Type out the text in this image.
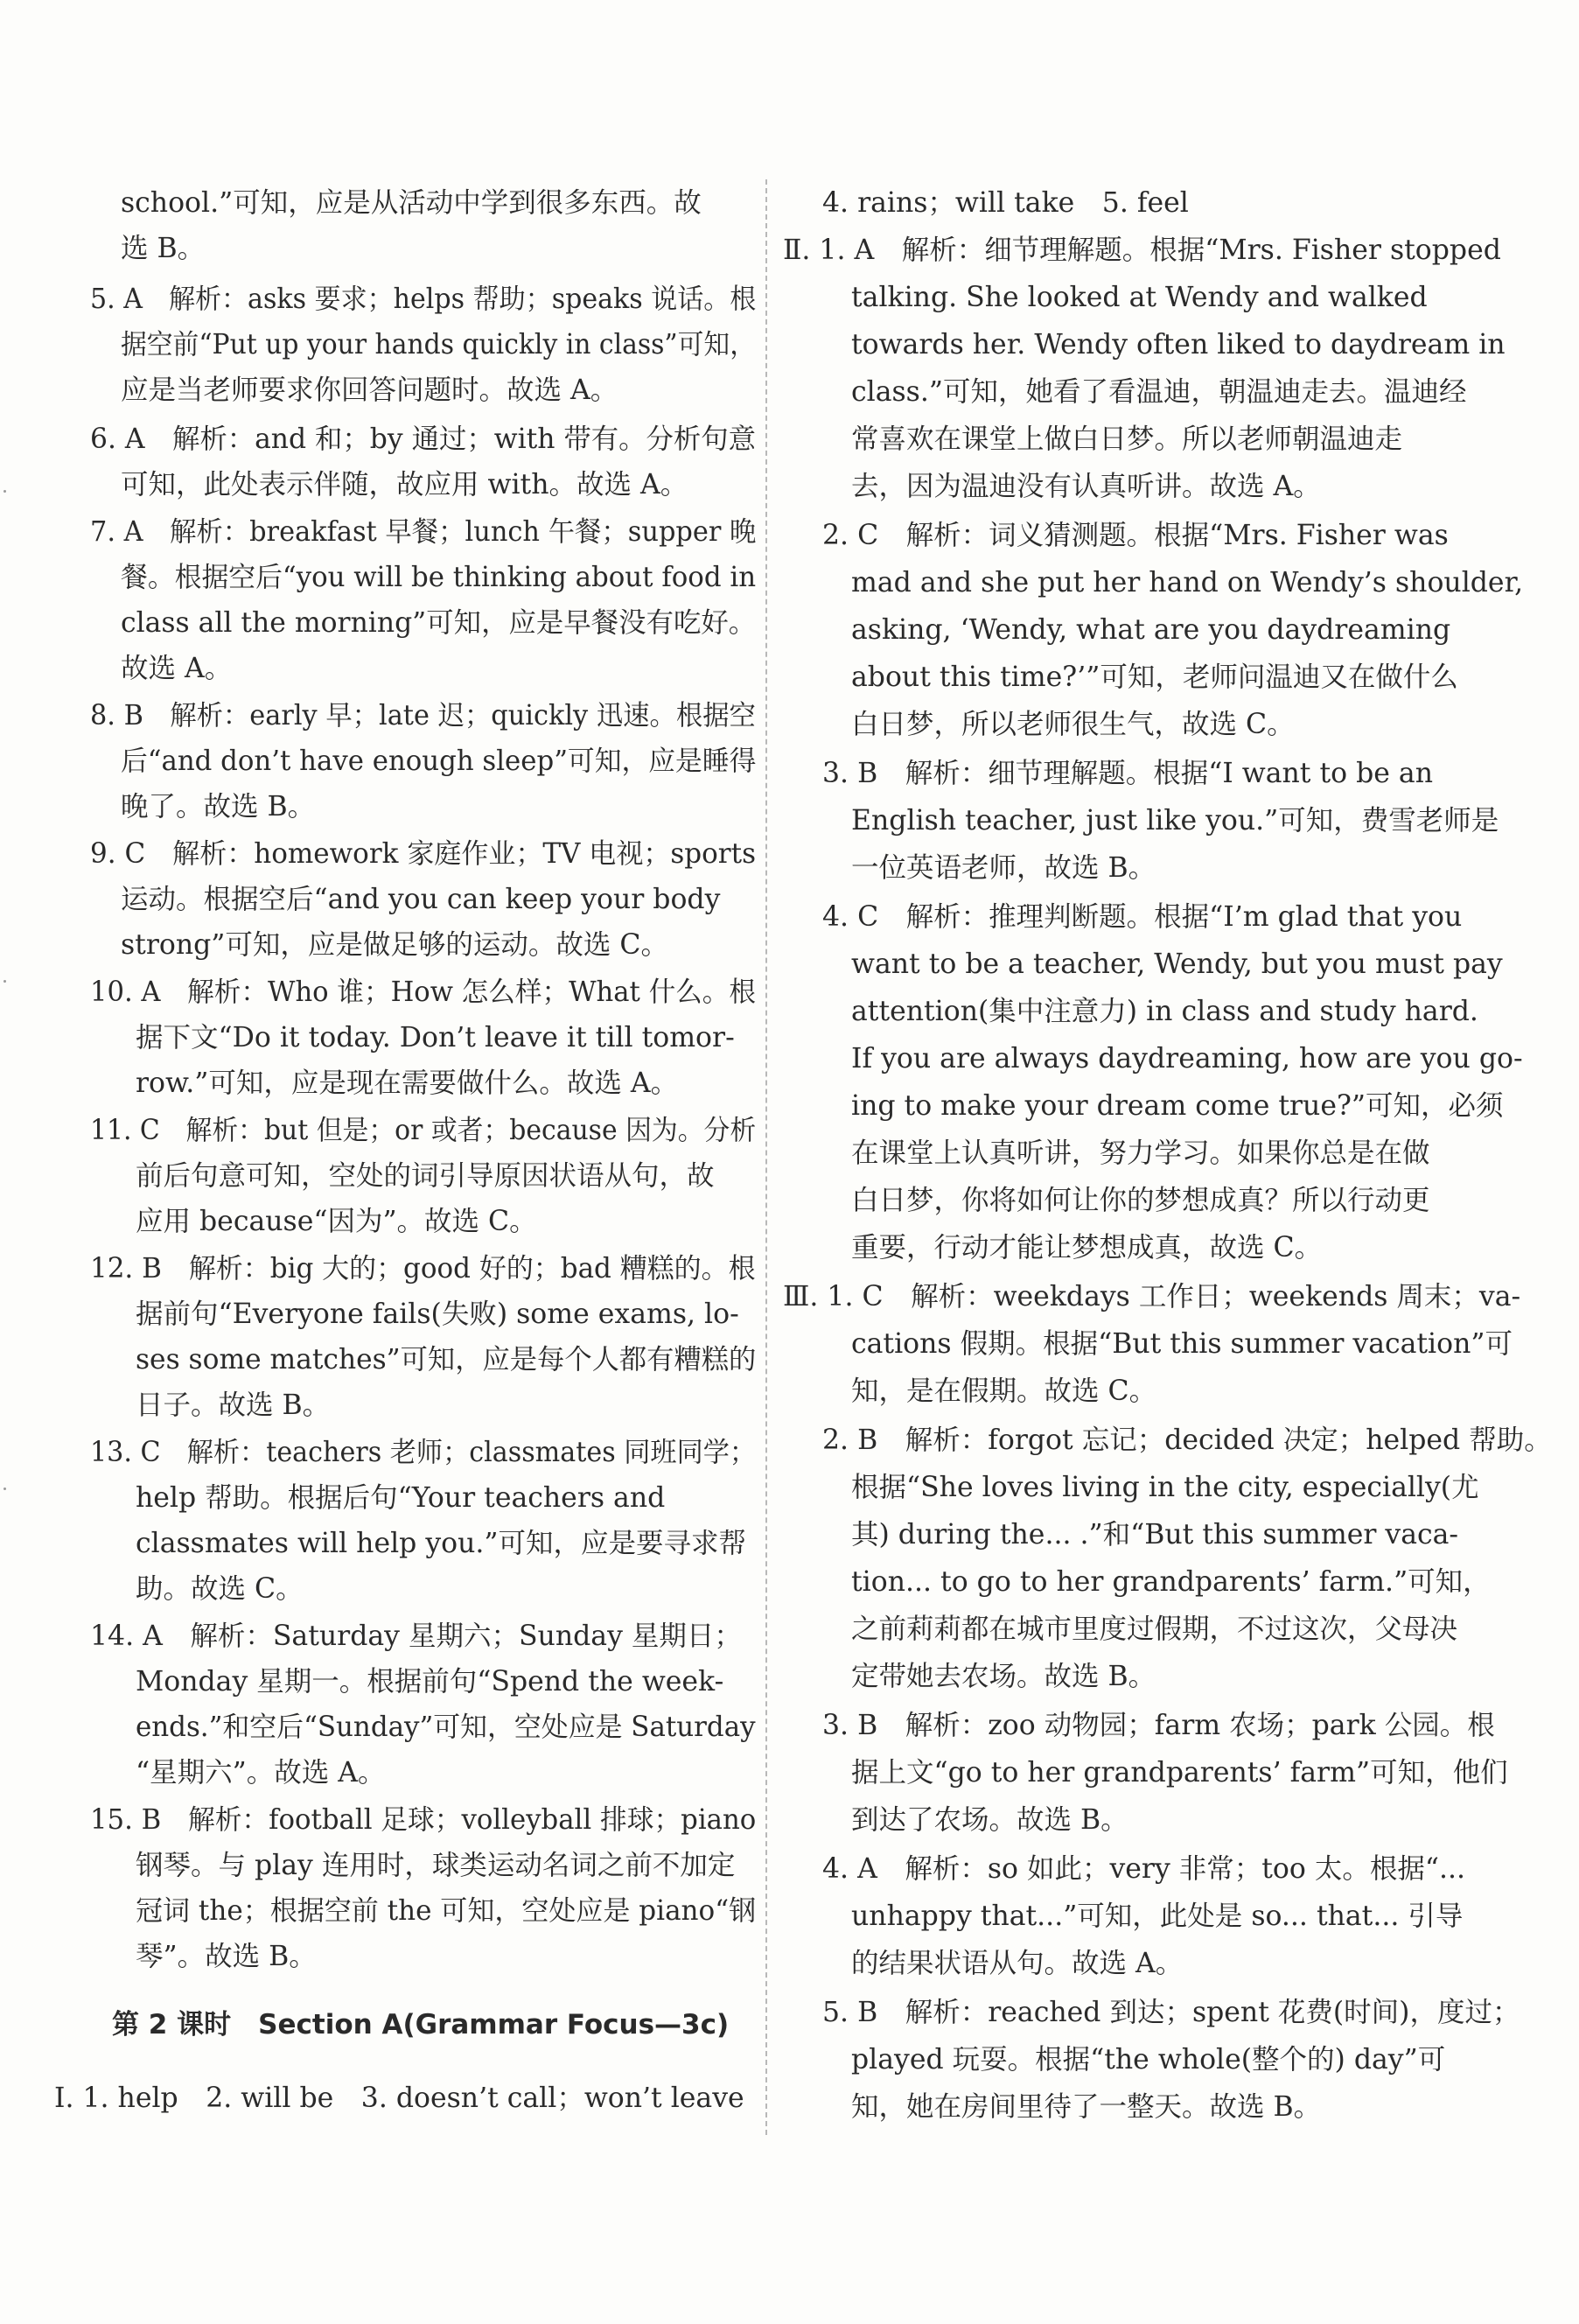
school.”可知，应是从活动中学到很多东西。故
选 B。
5. A　解析：asks 要求；helps 帮助；speaks 说话。根
据空前“Put up your hands quickly in class”可知，
应是当老师要求你回答问题时。故选 A。
6. A　解析：and 和；by 通过；with 带有。分析句意
可知，此处表示伴随，故应用 with。故选 A。
7. A　解析：breakfast 早餐；lunch 午餐；supper 晚
餐。根据空后“you will be thinking about food in
class all the morning”可知，应是早餐没有吃好。
故选 A。
8. B　解析：early 早；late 迟；quickly 迅速。根据空
后“and don’t have enough sleep”可知，应是睡得
晚了。故选 B。
9. C　解析：homework 家庭作业；TV 电视；sports
运动。根据空后“and you can keep your body
strong”可知，应是做足够的运动。故选 C。
10. A　解析：Who 谁；How 怎么样；What 什么。根
据下文“Do it today. Don’t leave it till tomor-
row.”可知，应是现在需要做什么。故选 A。
11. C　解析：but 但是；or 或者；because 因为。分析
前后句意可知，空处的词引导原因状语从句，故
应用 because“因为”。故选 C。
12. B　解析：big 大的；good 好的；bad 糟糕的。根
据前句“Everyone fails(失败) some exams, lo-
ses some matches”可知，应是每个人都有糟糕的
日子。故选 B。
13. C　解析：teachers 老师；classmates 同班同学；
help 帮助。根据后句“Your teachers and
classmates will help you.”可知，应是要寻求帮
助。故选 C。
14. A　解析：Saturday 星期六；Sunday 星期日；
Monday 星期一。根据前句“Spend the week-
ends.”和空后“Sunday”可知，空处应是 Saturday
“星期六”。故选 A。
15. B　解析：football 足球；volleyball 排球；piano
钢琴。与 play 连用时，球类运动名词之前不加定
冠词 the；根据空前 the 可知，空处应是 piano“钢
琴”。故选 B。
第 2 课时　Section A(Grammar Focus—3c)
Ⅰ. 1. help　2. will be　3. doesn’t call；won’t leave
4. rains；will take　5. feel
Ⅱ. 1. A　解析：细节理解题。根据“Mrs. Fisher stopped
talking. She looked at Wendy and walked
towards her. Wendy often liked to daydream in
class.”可知，她看了看温迪，朝温迪走去。温迪经
常喜欢在课堂上做白日梦。所以老师朝温迪走
去，因为温迪没有认真听讲。故选 A。
2. C　解析：词义猜测题。根据“Mrs. Fisher was
mad and she put her hand on Wendy’s shoulder,
asking, ‘Wendy, what are you daydreaming
about this time?’”可知，老师问温迪又在做什么
白日梦，所以老师很生气，故选 C。
3. B　解析：细节理解题。根据“I want to be an
English teacher, just like you.”可知，费雪老师是
一位英语老师，故选 B。
4. C　解析：推理判断题。根据“I’m glad that you
want to be a teacher, Wendy, but you must pay
attention(集中注意力) in class and study hard.
If you are always daydreaming, how are you go-
ing to make your dream come true?”可知，必须
在课堂上认真听讲，努力学习。如果你总是在做
白日梦，你将如何让你的梦想成真？所以行动更
重要，行动才能让梦想成真，故选 C。
Ⅲ. 1. C　解析：weekdays 工作日；weekends 周末；va-
cations 假期。根据“But this summer vacation”可
知，是在假期。故选 C。
2. B　解析：forgot 忘记；decided 决定；helped 帮助。
根据“She loves living in the city, especially(尤
其) during the... .”和“But this summer vaca-
tion... to go to her grandparents’ farm.”可知，
之前莉莉都在城市里度过假期，不过这次，父母决
定带她去农场。故选 B。
3. B　解析：zoo 动物园；farm 农场；park 公园。根
据上文“go to her grandparents’ farm”可知，他们
到达了农场。故选 B。
4. A　解析：so 如此；very 非常；too 太。根据“...
unhappy that...”可知，此处是 so... that... 引导
的结果状语从句。故选 A。
5. B　解析：reached 到达；spent 花费(时间)，度过；
played 玩耍。根据“the whole(整个的) day”可
知，她在房间里待了一整天。故选 B。
